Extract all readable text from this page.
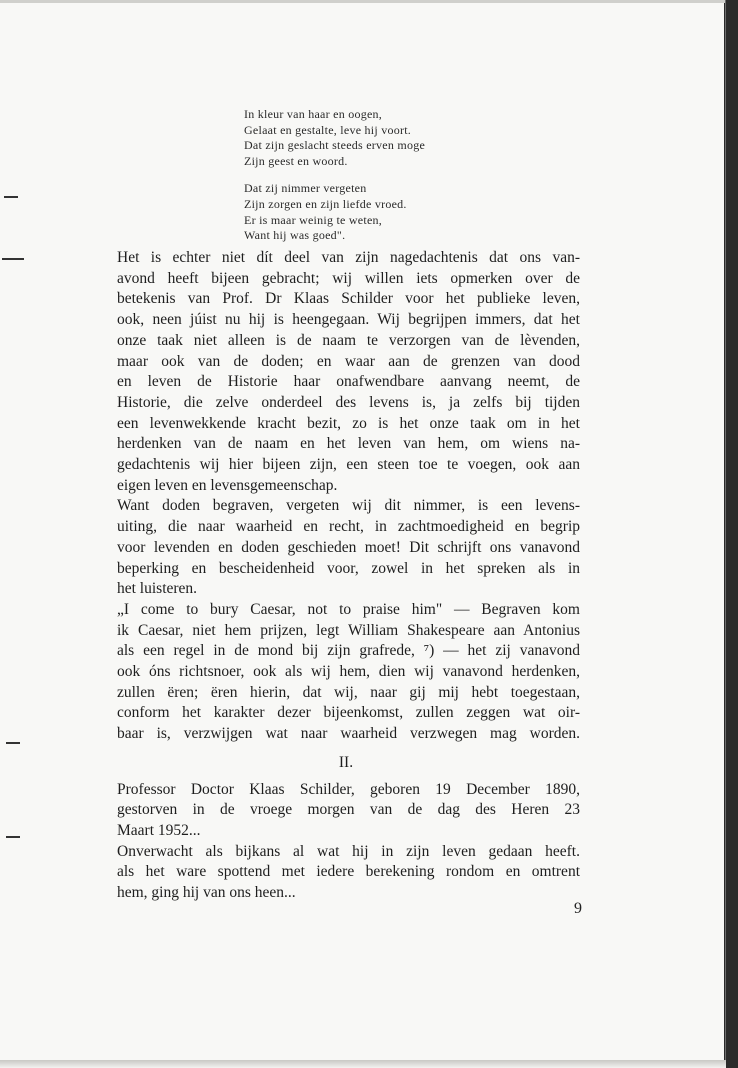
In kleur van haar en oogen,
Gelaat en gestalte, leve hij voort.
Dat zijn geslacht steeds erven moge
Zijn geest en woord.
Dat zij nimmer vergeten
Zijn zorgen en zijn liefde vroed.
Er is maar weinig te weten,
Want hij was goed".

Het is echter niet dít deel van zijn nagedachtenis dat ons van-
avond heeft bijeen gebracht; wij willen iets opmerken over de
betekenis van Prof. Dr Klaas Schilder voor het publieke leven,
ook, neen júist nu hij is heengegaan. Wij begrijpen immers, dat het
onze taak niet alleen is de naam te verzorgen van de lèvenden,
maar ook van de doden; en waar aan de grenzen van dood
en leven de Historie haar onafwendbare aanvang neemt, de
Historie, die zelve onderdeel des levens is, ja zelfs bij tijden
een levenwekkende kracht bezit, zo is het onze taak om in het
herdenken van de naam en het leven van hem, om wiens na-
gedachtenis wij hier bijeen zijn, een steen toe te voegen, ook aan
eigen leven en levensgemeenschap.

Want doden begraven, vergeten wij dit nimmer, is een levens-
uiting, die naar waarheid en recht, in zachtmoedigheid en begrip
voor levenden en doden geschieden moet! Dit schrijft ons vanavond
beperking en bescheidenheid voor, zowel in het spreken als in
het luisteren.

„I come to bury Caesar, not to praise him" — Begraven kom
ik Caesar, niet hem prijzen, legt William Shakespeare aan Antonius
als een regel in de mond bij zijn grafrede, ⁷) — het zij vanavond
ook óns richtsnoer, ook als wij hem, dien wij vanavond herdenken,
zullen ëren; ëren hierin, dat wij, naar gij mij hebt toegestaan,
conform het karakter dezer bijeenkomst, zullen zeggen wat oir-
baar is, verzwijgen wat naar waarheid verzwegen mag worden.

II.

Professor Doctor Klaas Schilder, geboren 19 December 1890,
gestorven in de vroege morgen van de dag des Heren 23
Maart 1952...

Onverwacht als bijkans al wat hij in zijn leven gedaan heeft.
als het ware spottend met iedere berekening rondom en omtrent
hem, ging hij van ons heen...

9
